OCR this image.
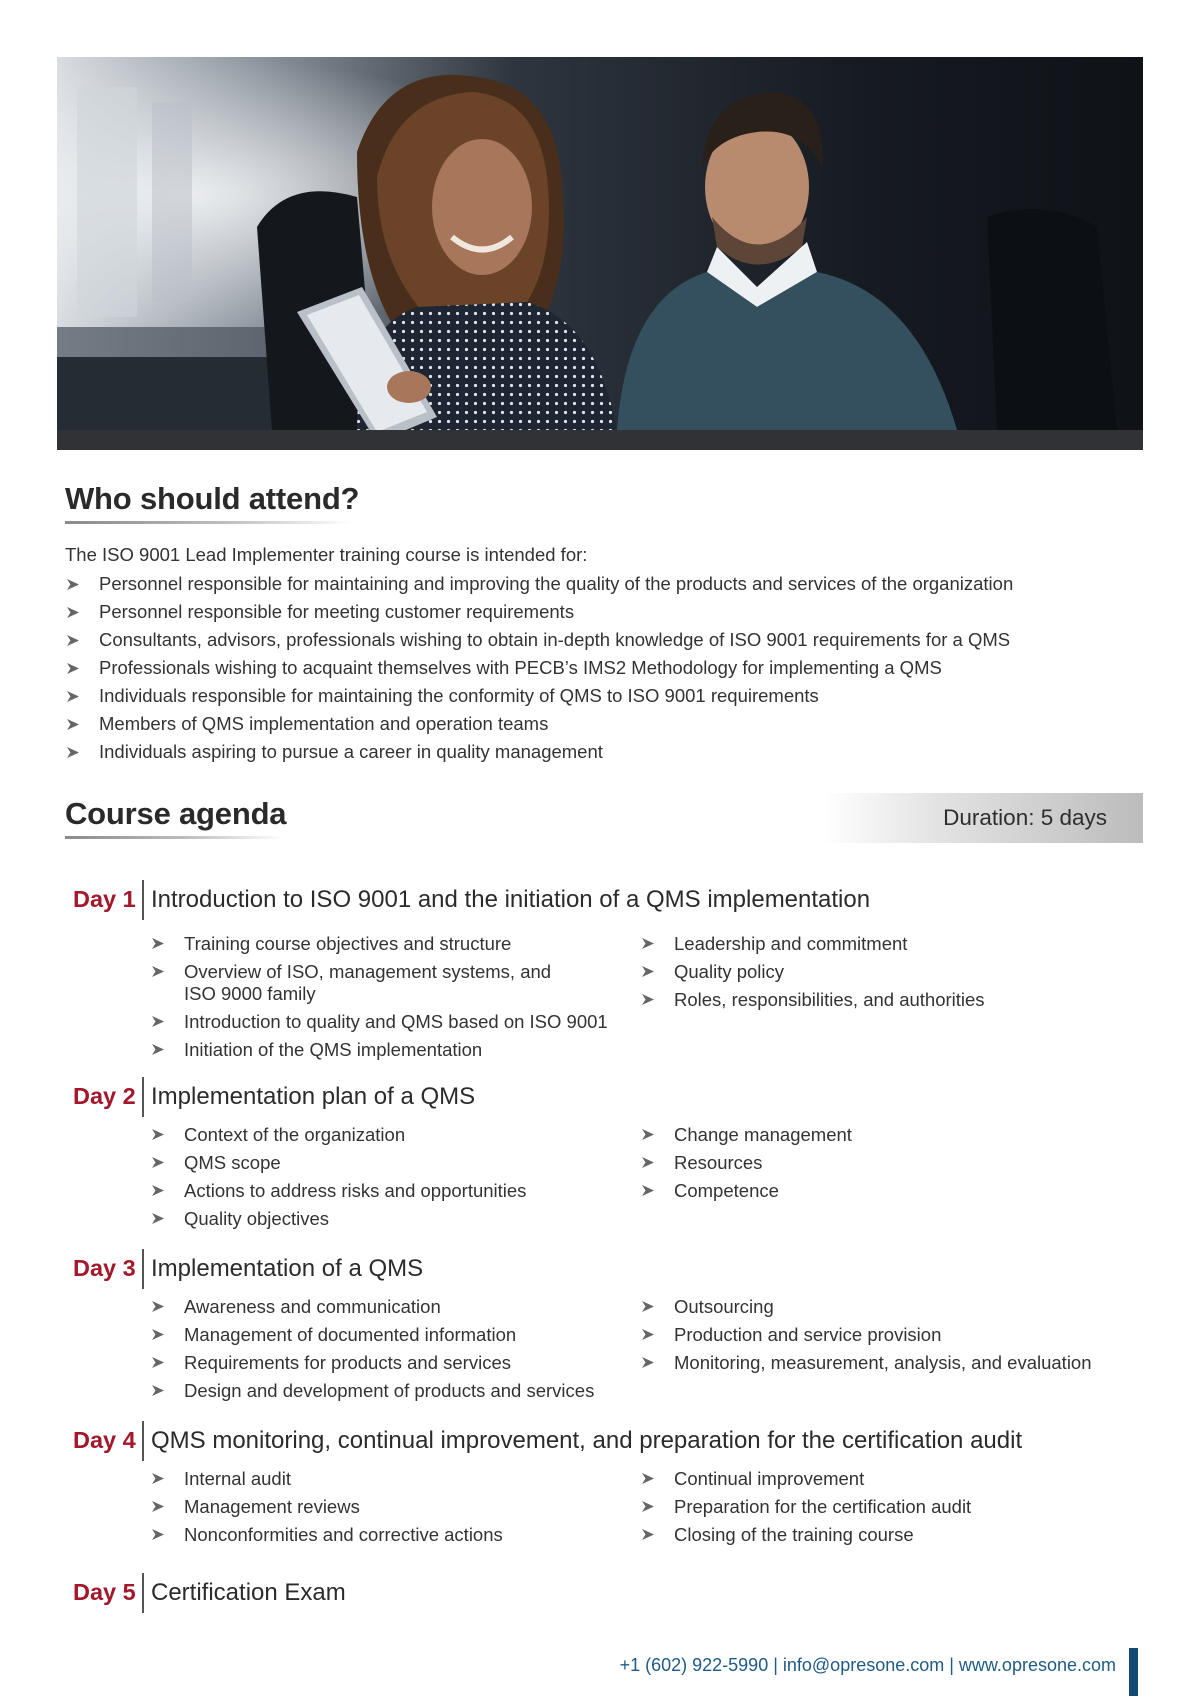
Who should attend?
The ISO 9001 Lead Implementer training course is intended for:
Personnel responsible for maintaining and improving the quality of the products and services of the organization
Personnel responsible for meeting customer requirements
Consultants, advisors, professionals wishing to obtain in-depth knowledge of ISO 9001 requirements for a QMS
Professionals wishing to acquaint themselves with PECB’s IMS2 Methodology for implementing a QMS
Individuals responsible for maintaining the conformity of QMS to ISO 9001 requirements
Members of QMS implementation and operation teams
Individuals aspiring to pursue a career in quality management
Course agenda	Duration: 5 days
Day 1 Introduction to ISO 9001 and the initiation of a QMS implementation
Training course objectives and structure
Overview of ISO, management systems, and ISO 9000 family
Introduction to quality and QMS based on ISO 9001
Initiation of the QMS implementation
Leadership and commitment
Quality policy
Roles, responsibilities, and authorities
Day 2 Implementation plan of a QMS
Context of the organization
QMS scope
Actions to address risks and opportunities
Quality objectives
Change management
Resources
Competence
Day 3 Implementation of a QMS
Awareness and communication
Management of documented information
Requirements for products and services
Design and development of products and services
Outsourcing
Production and service provision
Monitoring, measurement, analysis, and evaluation
Day 4 QMS monitoring, continual improvement, and preparation for the certification audit
Internal audit
Management reviews
Nonconformities and corrective actions
Continual improvement
Preparation for the certification audit
Closing of the training course
Day 5 Certification Exam
+1 (602) 922-5990 | info@opresone.com | www.opresone.com
